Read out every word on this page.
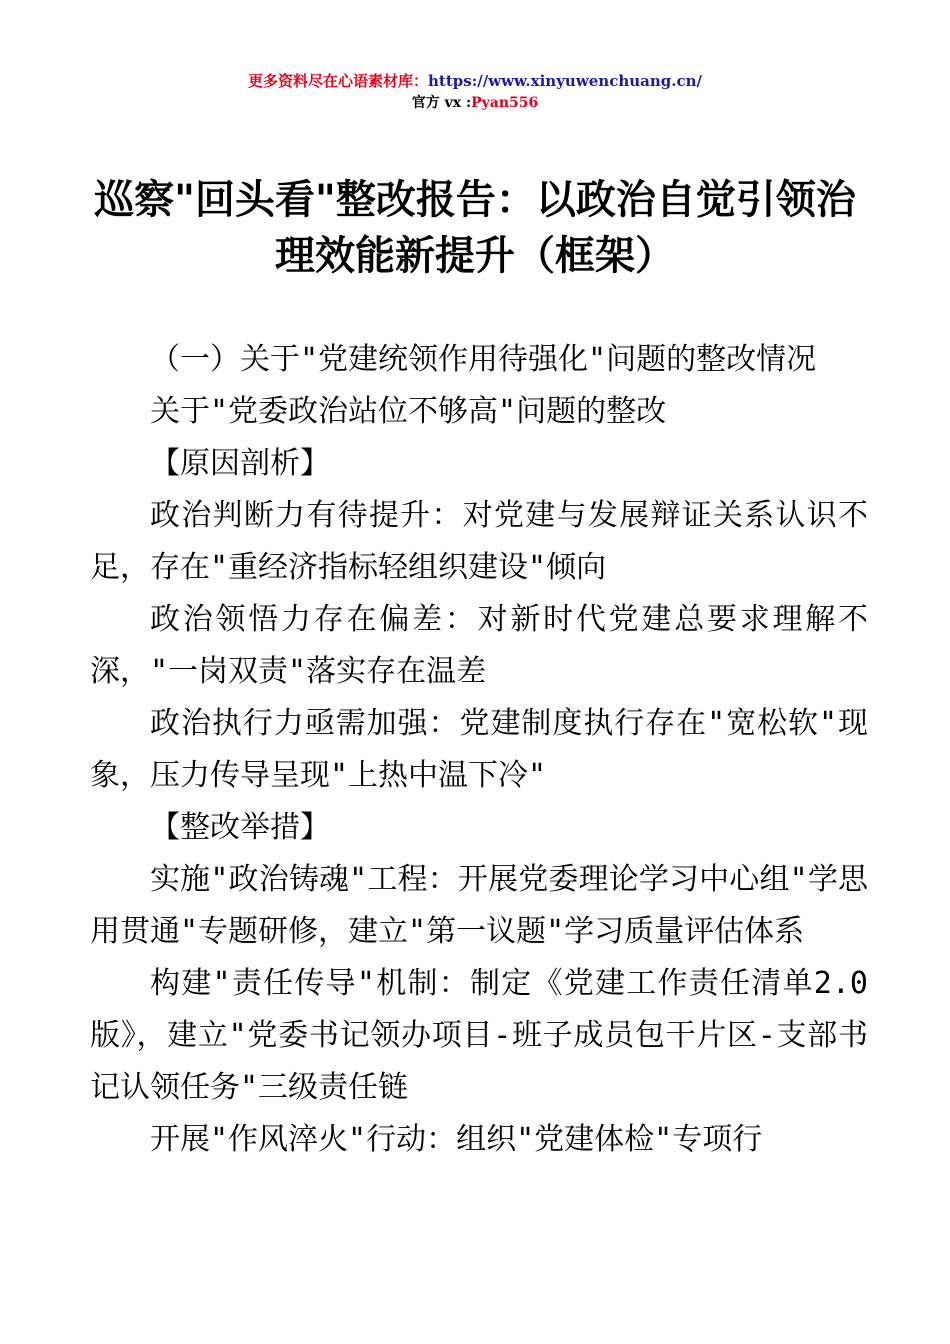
更多资料尽在心语素材库：https://www.xinyuwenchuang.cn/
官方 vx :Pyan556
巡察"回头看"整改报告：以政治自觉引领治理效能新提升（框架）

（一）关于"党建统领作用待强化"问题的整改情况

关于"党委政治站位不够高"问题的整改

【原因剖析】

政治判断力有待提升：对党建与发展辩证关系认识不足，存在"重经济指标轻组织建设"倾向

政治领悟力存在偏差：对新时代党建总要求理解不深，"一岗双责"落实存在温差

政治执行力亟需加强：党建制度执行存在"宽松软"现象，压力传导呈现"上热中温下冷"

【整改举措】

实施"政治铸魂"工程：开展党委理论学习中心组"学思用贯通"专题研修，建立"第一议题"学习质量评估体系

构建"责任传导"机制：制定《党建工作责任清单2.0版》，建立"党委书记领办项目-班子成员包干片区-支部书记认领任务"三级责任链

开展"作风淬火"行动：组织"党建体检"专项行
